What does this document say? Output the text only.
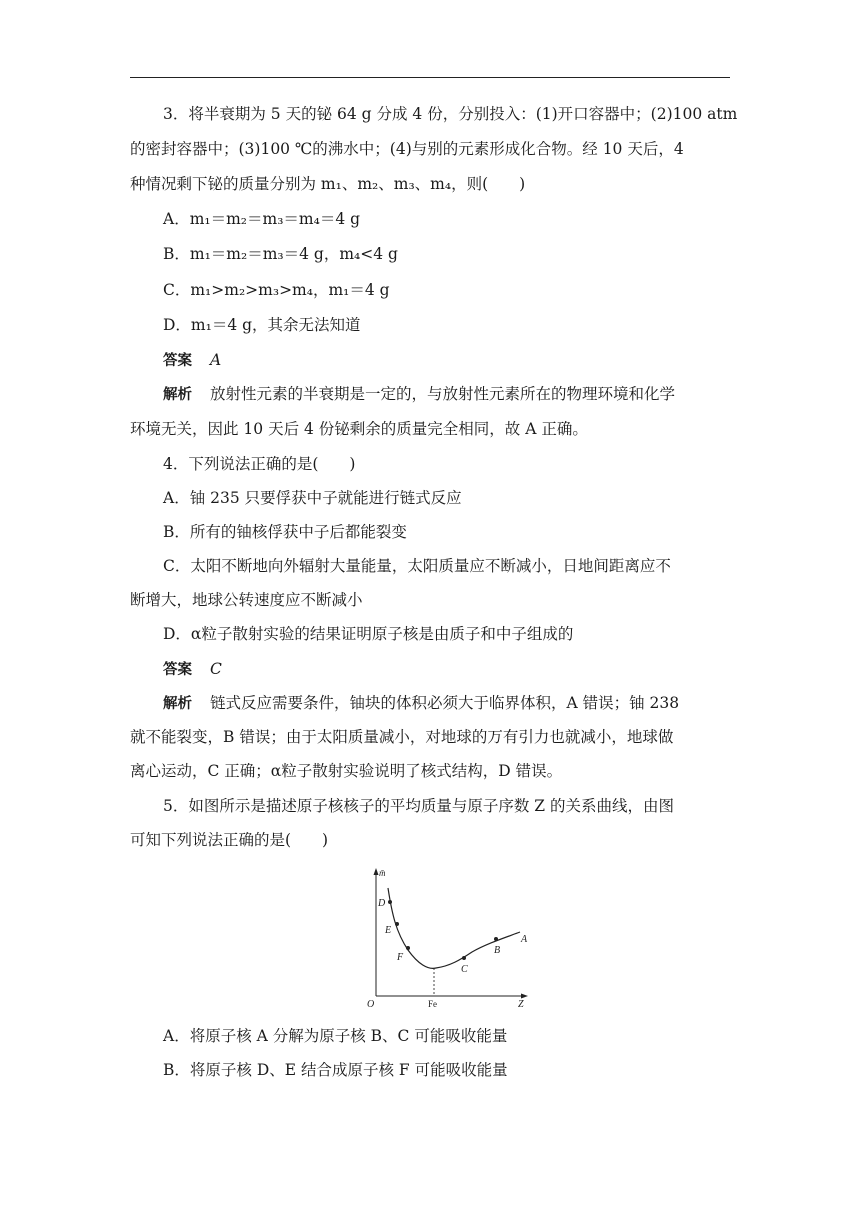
3．将半衰期为 5 天的铋 64 g 分成 4 份，分别投入：(1)开口容器中；(2)100 atm
的密封容器中；(3)100 ℃的沸水中；(4)与别的元素形成化合物。经 10 天后，4
种情况剩下铋的质量分别为 m₁、m₂、m₃、m₄，则(　　)
A．m₁＝m₂＝m₃＝m₄＝4 g
B．m₁＝m₂＝m₃＝4 g，m₄<4 g
C．m₁>m₂>m₃>m₄，m₁＝4 g
D．m₁＝4 g，其余无法知道
答案 A
解析 放射性元素的半衰期是一定的，与放射性元素所在的物理环境和化学
环境无关，因此 10 天后 4 份铋剩余的质量完全相同，故 A 正确。
4．下列说法正确的是(　　)
A．铀 235 只要俘获中子就能进行链式反应
B．所有的铀核俘获中子后都能裂变
C．太阳不断地向外辐射大量能量，太阳质量应不断减小，日地间距离应不
断增大，地球公转速度应不断减小
D．α粒子散射实验的结果证明原子核是由质子和中子组成的
答案 C
解析 链式反应需要条件，铀块的体积必须大于临界体积，A 错误；铀 238
就不能裂变，B 错误；由于太阳质量减小，对地球的万有引力也就减小，地球做
离心运动，C 正确；α粒子散射实验说明了核式结构，D 错误。
5．如图所示是描述原子核核子的平均质量与原子序数 Z 的关系曲线，由图
可知下列说法正确的是(　　)
m̄
Z
O	Fe
D
E
F
C
B
A
A．将原子核 A 分解为原子核 B、C 可能吸收能量
B．将原子核 D、E 结合成原子核 F 可能吸收能量
